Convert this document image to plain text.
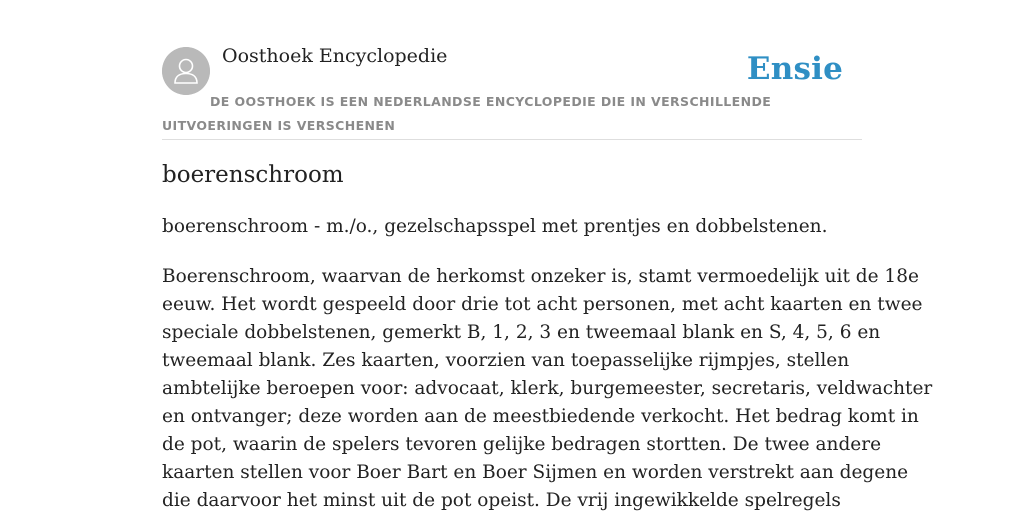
Oosthoek Encyclopedie	Ensie
DE OOSTHOEK IS EEN NEDERLANDSE ENCYCLOPEDIE DIE IN VERSCHILLENDE UITVOERINGEN IS VERSCHENEN
boerenschroom

boerenschroom - m./o., gezelschapsspel met prentjes en dobbelstenen.

Boerenschroom, waarvan de herkomst onzeker is, stamt vermoedelijk uit de 18e
eeuw. Het wordt gespeeld door drie tot acht personen, met acht kaarten en twee
speciale dobbelstenen, gemerkt B, 1, 2, 3 en tweemaal blank en S, 4, 5, 6 en
tweemaal blank. Zes kaarten, voorzien van toepasselijke rijmpjes, stellen
ambtelijke beroepen voor: advocaat, klerk, burgemeester, secretaris, veldwachter
en ontvanger; deze worden aan de meestbiedende verkocht. Het bedrag komt in
de pot, waarin de spelers tevoren gelijke bedragen stortten. De twee andere
kaarten stellen voor Boer Bart en Boer Sijmen en worden verstrekt aan degene
die daarvoor het minst uit de pot opeist. De vrij ingewikkelde spelregels
